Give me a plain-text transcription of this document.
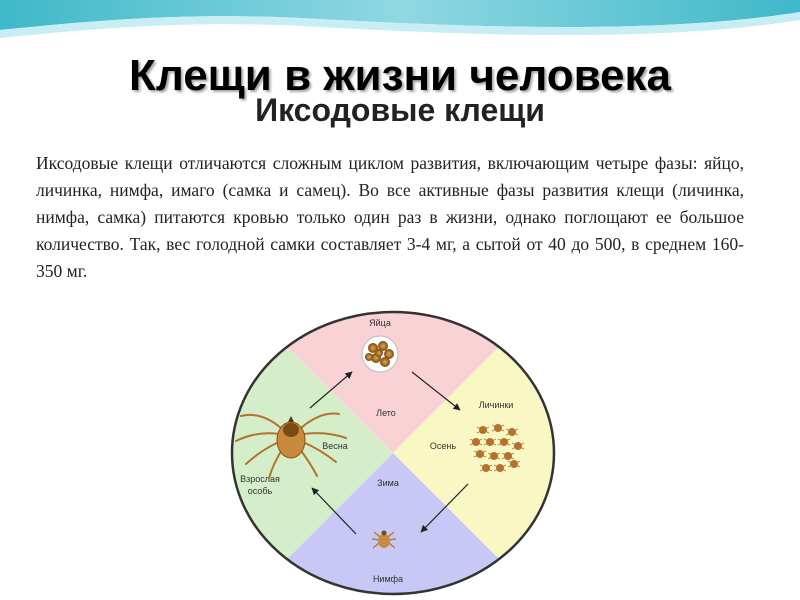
Клещи в жизни человека
Иксодовые клещи

Иксодовые клещи отличаются сложным циклом развития, включающим четыре фазы: яйцо, личинка, нимфа, имаго (самка и самец). Во все активные фазы развития клещи (личинка, нимфа, самка) питаются кровью только один раз в жизни, однако поглощают ее большое количество. Так, вес голодной самки составляет 3-4 мг, а сытой от 40 до 500, в среднем 160-350 мг.

Яйца
Личинки
Нимфа
Взрослая
особь
Лето
Осень
Зима
Весна
